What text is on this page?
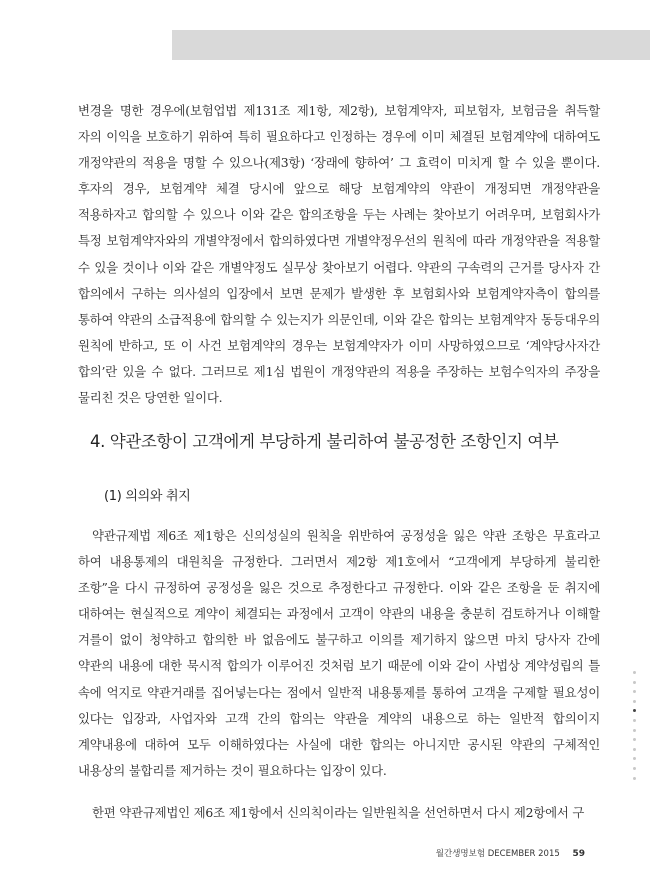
변경을 명한 경우에(보험업법 제131조 제1항, 제2항), 보험계약자, 피보험자, 보험금을 취득할 자의 이익을 보호하기 위하여 특히 필요하다고 인정하는 경우에 이미 체결된 보험계약에 대하여도 개정약관의 적용을 명할 수 있으나(제3항) ‘장래에 향하여’ 그 효력이 미치게 할 수 있을 뿐이다. 후자의 경우, 보험계약 체결 당시에 앞으로 해당 보험계약의 약관이 개정되면 개정약관을 적용하자고 합의할 수 있으나 이와 같은 합의조항을 두는 사례는 찾아보기 어려우며, 보험회사가 특정 보험계약자와의 개별약정에서 합의하였다면 개별약정우선의 원칙에 따라 개정약관을 적용할 수 있을 것이나 이와 같은 개별약정도 실무상 찾아보기 어렵다. 약관의 구속력의 근거를 당사자 간 합의에서 구하는 의사설의 입장에서 보면 문제가 발생한 후 보험회사와 보험계약자측이 합의를 통하여 약관의 소급적용에 합의할 수 있는지가 의문인데, 이와 같은 합의는 보험계약자 동등대우의 원칙에 반하고, 또 이 사건 보험계약의 경우는 보험계약자가 이미 사망하였으므로 ‘계약당사자간 합의’란 있을 수 없다. 그러므로 제1심 법원이 개정약관의 적용을 주장하는 보험수익자의 주장을 물리친 것은 당연한 일이다.

4. 약관조항이 고객에게 부당하게 불리하여 불공정한 조항인지 여부
(1) 의의와 취지

약관규제법 제6조 제1항은 신의성실의 원칙을 위반하여 공정성을 잃은 약관 조항은 무효라고 하여 내용통제의 대원칙을 규정한다. 그러면서 제2항 제1호에서 “고객에게 부당하게 불리한 조항”을 다시 규정하여 공정성을 잃은 것으로 추정한다고 규정한다. 이와 같은 조항을 둔 취지에 대하여는 현실적으로 계약이 체결되는 과정에서 고객이 약관의 내용을 충분히 검토하거나 이해할 겨를이 없이 청약하고 합의한 바 없음에도 불구하고 이의를 제기하지 않으면 마치 당사자 간에 약관의 내용에 대한 묵시적 합의가 이루어진 것처럼 보기 때문에 이와 같이 사법상 계약성립의 틀 속에 억지로 약관거래를 집어넣는다는 점에서 일반적 내용통제를 통하여 고객을 구제할 필요성이 있다는 입장과, 사업자와 고객 간의 합의는 약관을 계약의 내용으로 하는 일반적 합의이지 계약내용에 대하여 모두 이해하였다는 사실에 대한 합의는 아니지만 공시된 약관의 구체적인 내용상의 불합리를 제거하는 것이 필요하다는 입장이 있다.

한편 약관규제법인 제6조 제1항에서 신의칙이라는 일반원칙을 선언하면서 다시 제2항에서 구

월간생명보험 DECEMBER 2015 59
